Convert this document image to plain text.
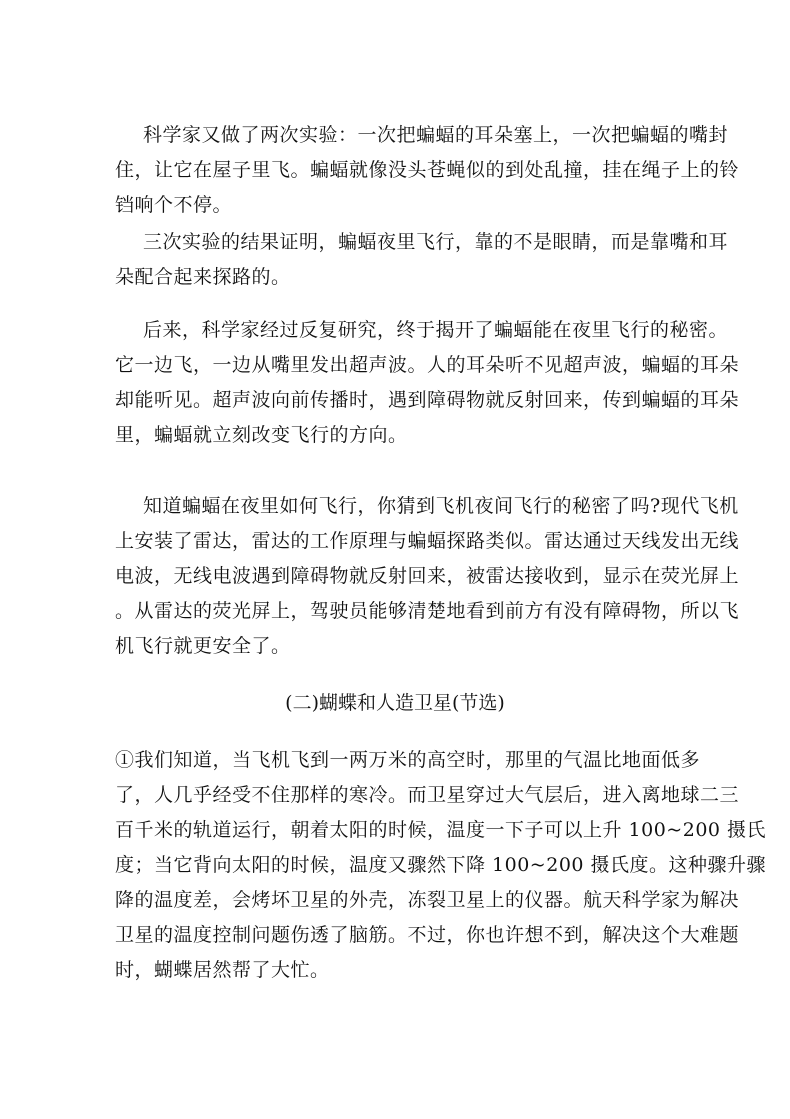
科学家又做了两次实验：一次把蝙蝠的耳朵塞上，一次把蝙蝠的嘴封
住，让它在屋子里飞。蝙蝠就像没头苍蝇似的到处乱撞，挂在绳子上的铃
铛响个不停。
三次实验的结果证明，蝙蝠夜里飞行，靠的不是眼睛，而是靠嘴和耳
朵配合起来探路的。
后来，科学家经过反复研究，终于揭开了蝙蝠能在夜里飞行的秘密。
它一边飞，一边从嘴里发出超声波。人的耳朵听不见超声波，蝙蝠的耳朵
却能听见。超声波向前传播时，遇到障碍物就反射回来，传到蝙蝠的耳朵
里，蝙蝠就立刻改变飞行的方向。
知道蝙蝠在夜里如何飞行，你猜到飞机夜间飞行的秘密了吗?现代飞机
上安装了雷达，雷达的工作原理与蝙蝠探路类似。雷达通过天线发出无线
电波，无线电波遇到障碍物就反射回来，被雷达接收到，显示在荧光屏上
。从雷达的荧光屏上，驾驶员能够清楚地看到前方有没有障碍物，所以飞
机飞行就更安全了。
(二)蝴蝶和人造卫星(节选)
①我们知道，当飞机飞到一两万米的高空时，那里的气温比地面低多
了，人几乎经受不住那样的寒冷。而卫星穿过大气层后，进入离地球二三
百千米的轨道运行，朝着太阳的时候，温度一下子可以上升 100~200 摄氏
度；当它背向太阳的时候，温度又骤然下降 100~200 摄氏度。这种骤升骤
降的温度差，会烤坏卫星的外壳，冻裂卫星上的仪器。航天科学家为解决
卫星的温度控制问题伤透了脑筋。不过，你也许想不到，解决这个大难题
时，蝴蝶居然帮了大忙。
